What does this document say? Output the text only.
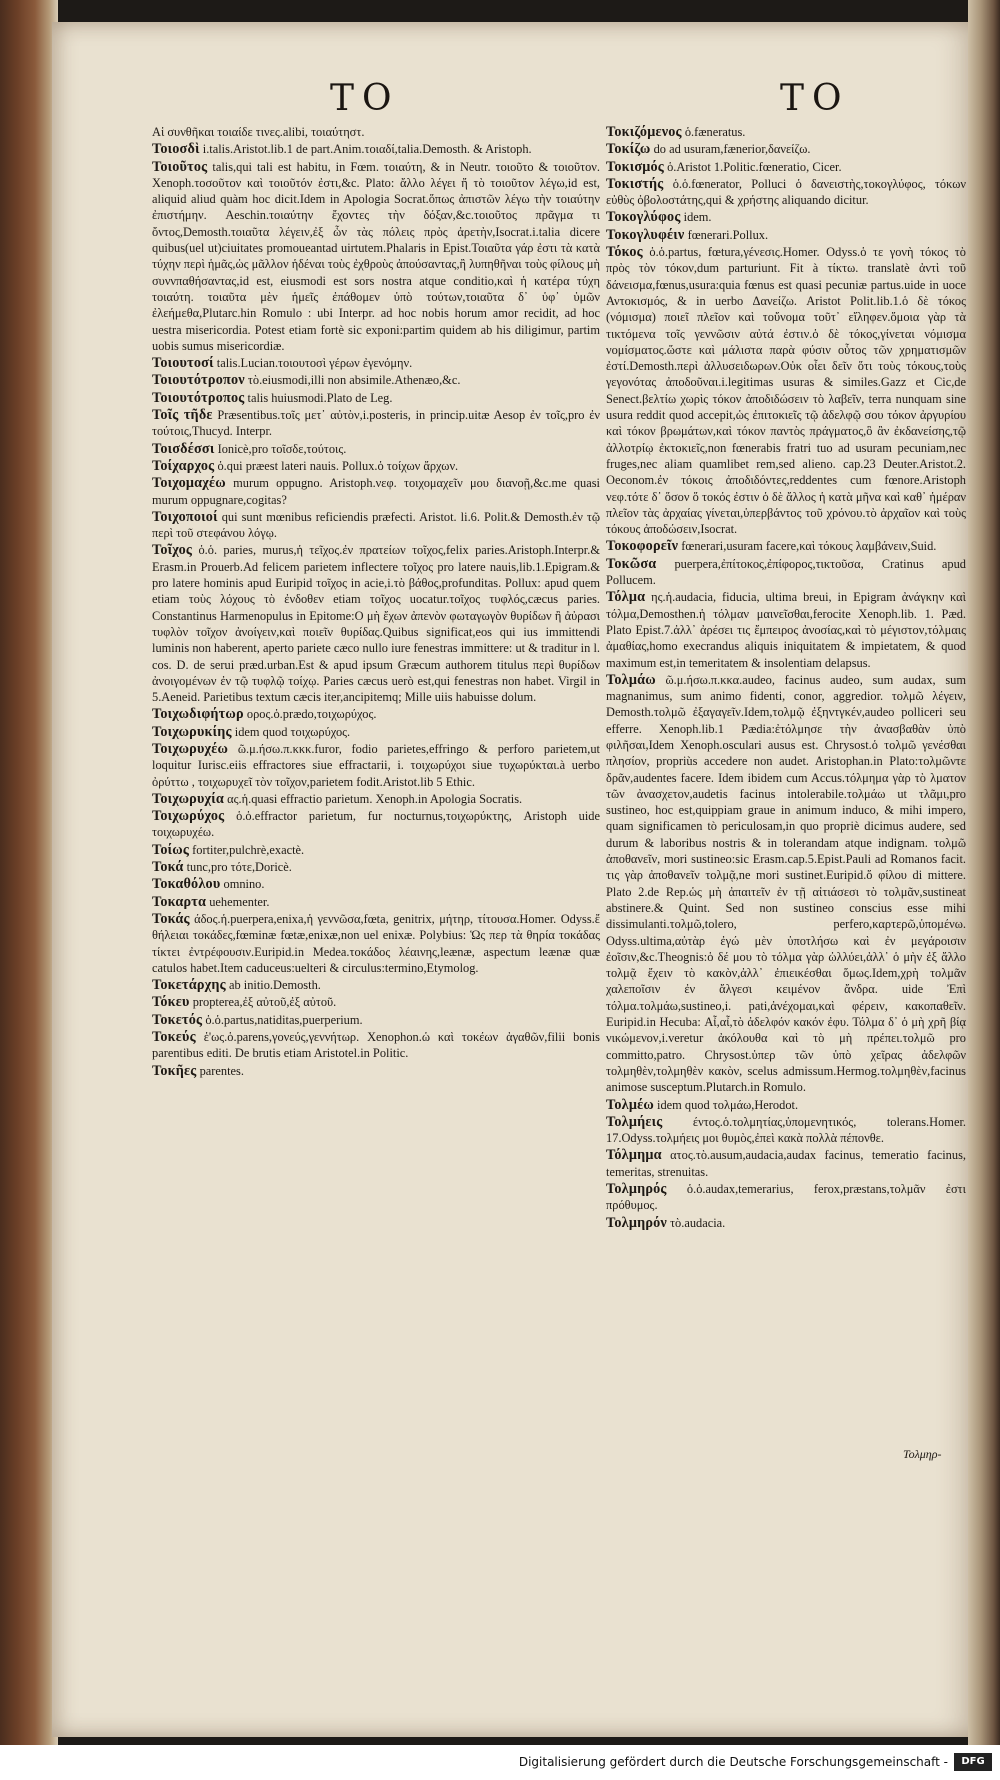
TO	TO

Αἱ συνθῆκαι τοιαίδε τινες.alibi, τοιαύτηστ.

Τοιοσδὶ i.talis.Aristot.lib.1 de part.Anim.τοιαδί,talia.Demosth. & Aristoph.

Τοιοῦτος talis,qui tali est habitu, in Fœm. τοιαύτη, & in Neutr. τοιοῦτο & τοιοῦτον. Xenoph.τοσοῦτον καὶ τοιοῦτόν ἐστι,&c. Plato: ἄλλο λέγει ἤ τὸ τοιοῦτον λέγω,id est, aliquid aliud quàm hoc dicit.Idem in Apologia Socrat.ὅπως ἀπιστῶν λέγω τὴν τοιαύτην ἐπιστήμην. Aeschin.τοιαύτην ἔχοντες τὴν δόξαν,&c.τοιοῦτος πρᾶγμα τι ὄντος,Demosth.τοιαῦτα λέγειν,ἐξ ὧν τὰς πόλεις πρὸς ἀρετὴν,Isocrat.i.talia dicere quibus(uel ut)ciuitates promoueantad uirtutem.Phalaris in Epist.Τοιαῦτα γάρ ἐστι τὰ κατὰ τύχην περὶ ἡμᾶς,ὡς μᾶλλον ἡδέναι τοὺς ἐχθροὺς ἀπούσαντας,ἢ λυπηθῆναι τοὺς φίλους μὴ συννπαθήσαντας,id est, eiusmodi est sors nostra atque conditio,καὶ ἡ κατέρα τύχη τοιαύτη. τοιαῦτα μὲν ἡμεῖς ἐπάθομεν ὑπὸ τούτων,τοιαῦτα δ᾽ ὑφ᾽ ὑμῶν ἐλεήμεθα,Plutarc.hin Romulo : ubi Interpr. ad hoc nobis horum amor recidit, ad hoc uestra misericordia. Potest etiam fortè sic exponi:partim quidem ab his diligimur, partim uobis sumus misericordiæ.

Τοιουτοσί talis.Lucian.τοιουτοσὶ γέρων ἐγενόμην.

Τοιουτότροπον τὸ.eiusmodi,illi non absimile.Athenæo,&c.

Τοιουτότροπος talis huiusmodi.Plato de Leg.

Τοῖς τῆδε Præsentibus.τοῖς μετ᾽ αὐτὸν,i.posteris, in princip.uitæ Aesop ἐν τοῖς,pro ἐν τούτοις,Thucyd. Interpr.

Τοισδέσσι Ionicè,pro τοῖσδε,τούτοις.

Τοίχαρχος ὁ.qui præest lateri nauis. Pollux.ὁ τοίχων ἄρχων.

Τοιχομαχέω murum oppugno. Aristoph.νεφ. τοιχομαχεῖν μου διανοῇ,&c.me quasi murum oppugnare,cogitas?

Τοιχοποιοί qui sunt mœnibus reficiendis præfecti. Aristot. li.6. Polit.& Demosth.ἐν τῷ περὶ τοῦ στεφάνου λόγῳ.

Τοῖχος ὁ.ὁ. paries, murus,ἡ τεῖχος.ἐν πρατείων τοῖχος,felix paries.Aristoph.Interpr.& Erasm.in Prouerb.Ad felicem parietem inflectere τοῖχος pro latere nauis,lib.1.Epigram.& pro latere hominis apud Euripid τοῖχος in acie,i.τὸ βάθος,profunditas. Pollux: apud quem etiam τοὺς λόχους τὸ ἐνδοθεν etiam τοῖχος uocatur.τοῖχος τυφλός,cæcus paries. Constantinus Harmenopulus in Epitome:Ο μὴ ἔχων ἀπενὸν φωταγωγὸν θυρίδων ἢ ἀὐρασι τυφλὸν τοῖχον ἀνοίγειν,καὶ ποιεῖν θυρίδας.Quibus significat,eos qui ius immittendi luminis non haberent, aperto pariete cæco nullo iure fenestras immittere: ut & traditur in l. cos. D. de serui præd.urban.Est & apud ipsum Græcum authorem titulus περὶ θυρίδων ἀνοιγομένων ἐν τῷ τυφλῷ τοίχῳ. Paries cæcus uerò est,qui fenestras non habet. Virgil in 5.Aeneid. Parietibus textum cæcis iter,ancipitemq; Mille uiis habuisse dolum.

Τοιχωδιφήτωρ ορος.ὁ.prædo,τοιχωρύχος.

Τοιχωρυκίης idem quod τοιχωρύχος.

Τοιχωρυχέω ῶ.μ.ήσω.π.κκκ.furor, fodio parietes,effringo & perforo parietem,ut loquitur Iurisc.eiis effractores siue effractarii, i. τοιχωρύχοι siue τυχωρύκται.à uerbo ὀρύττω , τοιχωρυχεῖ τὸν τοῖχον,parietem fodit.Aristot.lib 5 Ethic.

Τοιχωρυχία ας.ἡ.quasi effractio parietum. Xenoph.in Apologia Socratis.

Τοιχωρύχος ὁ.ὁ.effractor parietum, fur nocturnus,τοιχωρύκτης, Aristoph uide τοιχωρυχέω.

Τοίως fortiter,pulchrè,exactè.

Τοκά tunc,pro τότε,Doricè.

Τοκαθόλου omnino.

Τοκαρτα uehementer.

Τοκάς άδος.ἡ.puerpera,enixa,ἡ γεννῶσα,fœta, genitrix, μήτηρ, τίτουσα.Homer. Odyss.ἔ θήλειαι τοκάδες,fœminæ fœtæ,enixæ,non uel enixæ. Polybius: Ὡς περ τὰ θηρία τοκάδας τίκτει ἐντρέφουσιν.Euripid.in Medea.τοκάδος λέαινης,leænæ, aspectum leænæ quæ catulos habet.Item caduceus:uelteri & circulus:termino,Etymolog.

Τοκετάρχης ab initio.Demosth.

Τόκευ propterea,ἐξ αὐτοῦ,ἐξ αὐτοῦ.

Τοκετός ὁ.ὁ.partus,natiditas,puerperium.

Τοκεύς ἑ'ως.ὁ.parens,γονεύς,γεννήτωρ. Xenophon.ὡ καὶ τοκέων ἀγαθῶν,filii bonis parentibus editi. De brutis etiam Aristotel.in Politic.

Τοκῆες parentes.

Τοκιζόμενος ὁ.fæneratus.

Τοκίζω do ad usuram,fænerior,δανείζω.

Τοκισμός ὁ.Aristot 1.Politic.fœneratio, Cicer.

Τοκιστής ὁ.ὁ.fœnerator, Polluci ὁ δανειστὴς,τοκογλύφος, τόκων εὐθὺς ὀβολοστάτης,qui & χρήστης aliquando dicitur.

Τοκογλύφος idem.

Τοκογλυφέιν fœnerari.Pollux.

Τόκος ὁ.ὁ.partus, fœtura,γένεσις.Homer. Odyss.ὁ τε γονὴ τόκος τὸ πρὸς τὸν τόκον,dum parturiunt. Fit à τίκτω. translatè ἀντὶ τοῦ δάνεισμα,fœnus,usura:quia fœnus est quasi pecuniæ partus.uide in uoce Αντοκισμός, & in uerbo Δανείζω. Aristot Polit.lib.1.ὁ δὲ τόκος (νόμισμα) ποιεῖ πλεῖον καὶ τοὔνομα τοῦτ᾽ εἴληφεν.ὅμοια γὰρ τὰ τικτόμενα τοῖς γεννῶσιν αὐτά ἐστιν.ὁ δὲ τόκος,γίνεται νόμισμα νομίσματος.ὥστε καὶ μάλιστα παρὰ φύσιν οὗτος τῶν χρηματισμῶν ἐστί.Demosth.περὶ ἀλλυσειδωρων.Οὐκ οἶει δεῖν ὅτι τοὺς τόκους,τοὺς γεγονότας ἀποδοῦναι.i.legitimas usuras & similes.Gazz et Cic,de Senect.βελτίω χωρὶς τόκον ἀποδιδώσειν τὸ λαβεῖν, terra nunquam sine usura reddit quod accepit,ὡς ἐπιτοκιεῖς τῷ ἀδελφῷ σου τόκον ἀργυρίου καὶ τόκον βρωμάτων,καὶ τόκον παντὸς πράγματος,ὃ ἂν ἐκδανείσης,τῷ ἀλλοτρίῳ ἐκτοκιεῖς,non fœnerabis fratri tuo ad usuram pecuniam,nec fruges,nec aliam quamlibet rem,sed alieno. cap.23 Deuter.Aristot.2. Oeconom.ἐν τόκοις ἀποδιδόντες,reddentes cum fœnore.Aristoph νεφ.τότε δ᾽ ὅσον ὅ τοκός ἐστιν ὁ δὲ ἄλλος ἡ κατὰ μῆνα καὶ καθ᾽ ἡμέραν πλεῖον τὰς ἀρχαίας γίνεται,ὑπερβάντος τοῦ χρόνου.τὸ ἀρχαῖον καὶ τοὺς τόκους ἀποδώσειν,Isocrat.

Τοκοφορεῖν fœnerari,usuram facere,καὶ τόκους λαμβάνειν,Suid.

Τοκῶσα puerpera,ἐπίτοκος,ἐπίφορος,τικτοῦσα, Cratinus apud Pollucem.

Τόλμα ης.ἡ.audacia, fiducia, ultima breui, in Epigram ἀνάγκην καὶ τόλμα,Demosthen.ἡ τόλμαν μαινεῖσθαι,ferocite Xenoph.lib. 1. Pæd. Plato Epist.7.ἀλλ᾽ ἀρέσει τις ἔμπειρος ἀνοσίας,καὶ τὸ μέγιστον,τόλμαις ἀμαθίας,homo execrandus aliquis iniquitatem & impietatem, & quod maximum est,in temeritatem & insolentiam delapsus.

Τολμάω ῶ.μ.ήσω.π.κκα.audeo, facinus audeo, sum audax, sum magnanimus, sum animo fidenti, conor, aggredior. τολμῶ λέγειν, Demosth.τολμῶ ἐξαγαγεῖν.Idem,τολμῷ ἐξηντγκέν,audeo polliceri seu efferre. Xenoph.lib.1 Pædia:ἐτόλμησε τὴν ἀνασβαθὰν ὑπὸ φιλῆσαι,Idem Xenoph.osculari ausus est. Chrysost.ὁ τολμῶ γενέσθαι πλησίον, propriùs accedere non audet. Aristophan.in Plato:τολμῶντε δρᾶν,audentes facere. Idem ibidem cum Accus.τόλμημα γὰρ τὸ λματον τῶν ἀνασχετον,audetis facinus intolerabile.τολμάω ut τλᾶμι,pro sustineo, hoc est,quippiam graue in animum induco, & mihi impero, quam significamen tò periculosam,in quo propriè dicimus audere, sed durum & laboribus nostris & in tolerandam atque indignam. τολμῶ ἀποθανεῖν, mori sustineo:sic Erasm.cap.5.Epist.Pauli ad Romanos facit. τις γὰρ ἀποθανεῖν τολμᾷ,ne mori sustinet.Euripid.ὅ φίλου di mittere. Plato 2.de Rep.ὡς μὴ ἀπαιτεῖν ἐν τῇ αἰτιάσεσι τὸ τολμᾶν,sustineat abstinere.& Quint. Sed non sustineo conscius esse mihi dissimulanti.τολμῶ,tolero, perfero,καρτερῶ,ὑπομένω. Odyss.ultima,αὐτὰρ ἐγώ μὲν ὑποτλήσω καὶ ἐν μεγάροισιν ἐοῖσιν,&c.Theognis:ὁ δέ μου τὸ τόλμα γὰρ ὠλλύει,ἀλλ᾽ ὁ μὴν ἐξ ἄλλο τολμᾷ ἔχειν τὸ κακὸν,ἀλλ᾽ ἐπιεικέσθαι ὅμως.Idem,χρὴ τολμᾶν χαλεποῖσιν ἐν ἄλγεσι κειμένον ἄνδρα. uide Ἐπὶ τόλμα.τολμάω,sustineo,i. pati,ἀνέχομαι,καὶ φέρειν, κακοπαθεῖν. Euripid.in Hecuba: Αἶ,αἶ,τὸ ἀδελφόν κακόν ἐφυ. Τόλμα δ᾽ ὁ μὴ χρῆ βίᾳ νικώμενον,i.veretur ἀκόλουθα καὶ τὸ μὴ πρέπει.τολμῶ pro committo,patro. Chrysost.ὑπερ τῶν ὑπὸ χεῖρας ἀδελφῶν τολμηθὲν,τολμηθὲν κακὸν, scelus admissum.Hermog.τολμηθὲν,facinus animose susceptum.Plutarch.in Romulo.

Τολμέω idem quod τολμάω,Herodot.

Τολμήεις έντος.ὁ.τολμητίας,ὑπομενητικός, tolerans.Homer. 17.Odyss.τολμήεις μοι θυμὸς,ἐπεὶ κακὰ πολλὰ πέπονθε.

Τόλμημα ατος.τὸ.ausum,audacia,audax facinus, temeratio facinus, temeritas, strenuitas.

Τολμηρός ὁ.ὁ.audax,temerarius, ferox,præstans,τολμᾶν ἐστι πρόθυμος.

Τολμηρόν τὸ.audacia.

Τολμηρ-
Digitalisierung gefördert durch die Deutsche Forschungsgemeinschaft -	DFG
